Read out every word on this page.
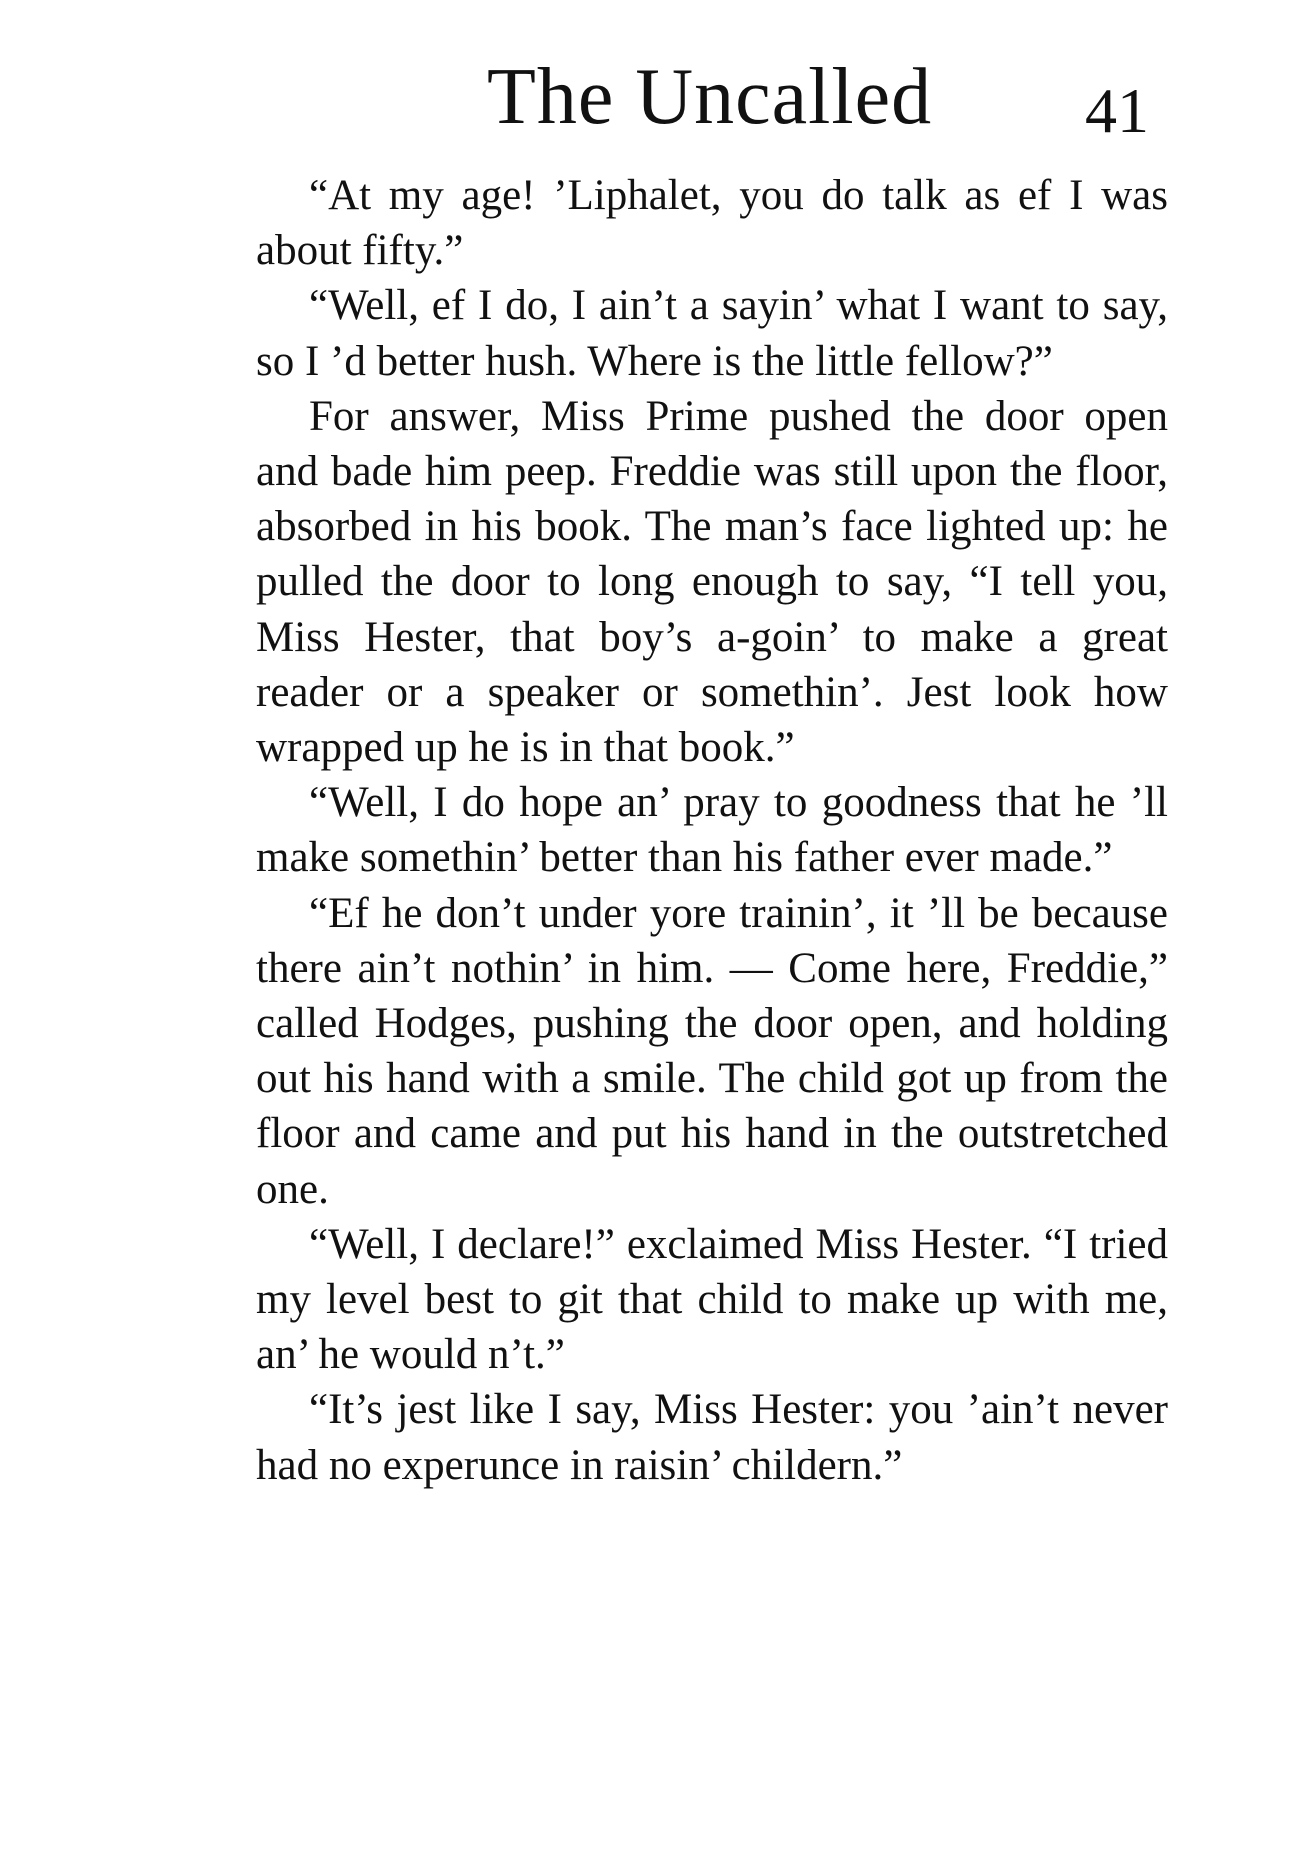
The Uncalled 41

“At my age! ’Liphalet, you do talk as ef I was about fifty.”

“Well, ef I do, I ain’t a sayin’ what I want to say, so I ’d better hush. Where is the little fellow?”

For answer, Miss Prime pushed the door open and bade him peep. Freddie was still upon the floor, absorbed in his book. The man’s face lighted up: he pulled the door to long enough to say, “I tell you, Miss Hester, that boy’s a-goin’ to make a great reader or a speaker or somethin’. Jest look how wrapped up he is in that book.”

“Well, I do hope an’ pray to goodness that he ’ll make somethin’ better than his father ever made.”

“Ef he don’t under yore trainin’, it ’ll be because there ain’t nothin’ in him. — Come here, Freddie,” called Hodges, pushing the door open, and holding out his hand with a smile. The child got up from the floor and came and put his hand in the outstretched one.

“Well, I declare!” exclaimed Miss Hester. “I tried my level best to git that child to make up with me, an’ he would n’t.”

“It’s jest like I say, Miss Hester: you ’ain’t never had no experunce in raisin’ childern.”
